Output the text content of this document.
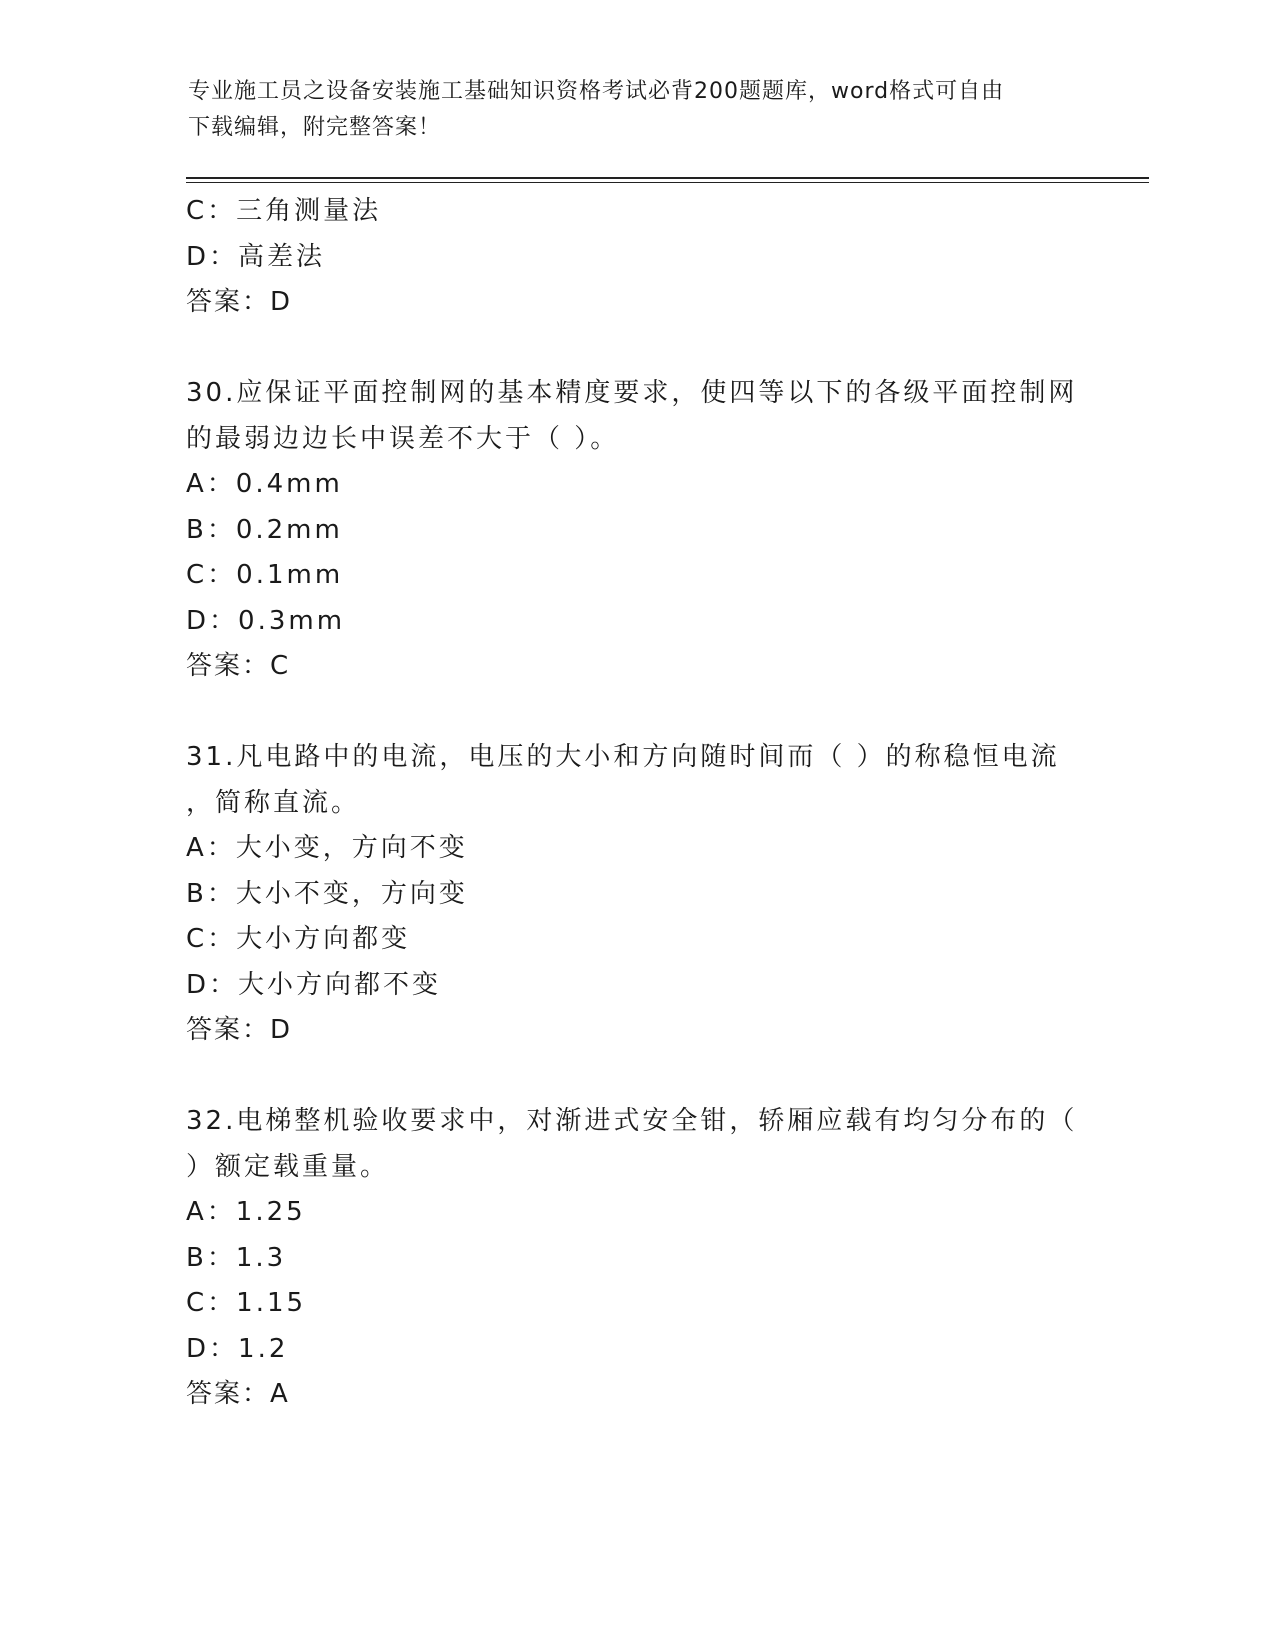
专业施工员之设备安装施工基础知识资格考试必背200题题库，word格式可自由
下载编辑，附完整答案！
C：三角测量法
D：高差法
答案：D
30.应保证平面控制网的基本精度要求，使四等以下的各级平面控制网
的最弱边边长中误差不大于（ ）。
A：0.4mm
B：0.2mm
C：0.1mm
D：0.3mm
答案：C
31.凡电路中的电流，电压的大小和方向随时间而（ ）的称稳恒电流
，简称直流。
A：大小变，方向不变
B：大小不变，方向变
C：大小方向都变
D：大小方向都不变
答案：D
32.电梯整机验收要求中，对渐进式安全钳，轿厢应载有均匀分布的（
）额定载重量。
A：1.25
B：1.3
C：1.15
D：1.2
答案：A
